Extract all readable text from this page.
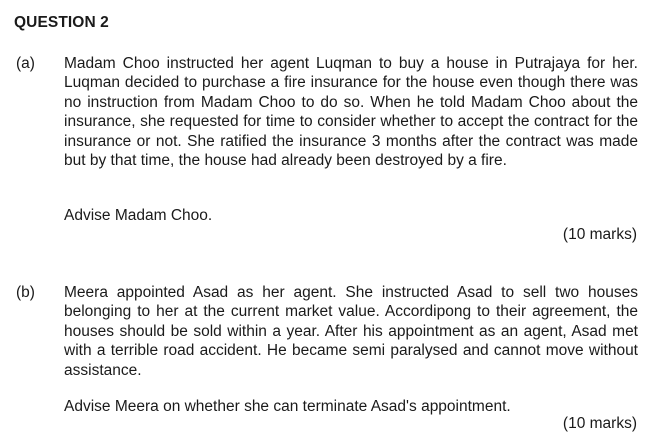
QUESTION 2
(a) Madam Choo instructed her agent Luqman to buy a house in Putrajaya for her. Luqman decided to purchase a fire insurance for the house even though there was no instruction from Madam Choo to do so. When he told Madam Choo about the insurance, she requested for time to consider whether to accept the contract for the insurance or not. She ratified the insurance 3 months after the contract was made but by that time, the house had already been destroyed by a fire.
Advise Madam Choo.
(10 marks)
(b) Meera appointed Asad as her agent. She instructed Asad to sell two houses belonging to her at the current market value. Accordipong to their agreement, the houses should be sold within a year. After his appointment as an agent, Asad met with a terrible road accident. He became semi paralysed and cannot move without assistance.
Advise Meera on whether she can terminate Asad's appointment.
(10 marks)
